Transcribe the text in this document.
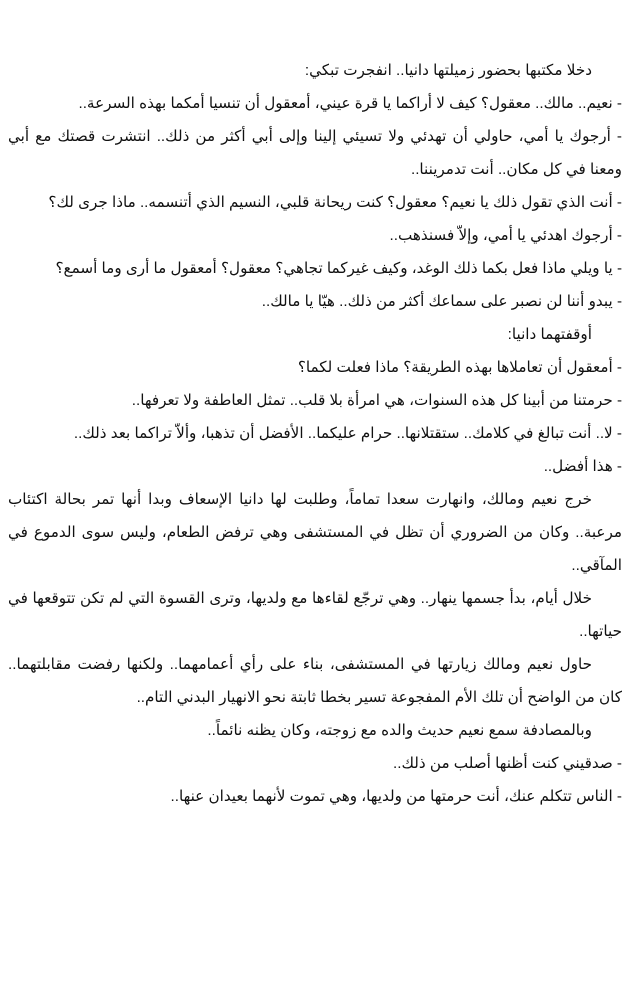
دخلا مكتبها بحضور زميلتها دانيا.. انفجرت تبكي:

- نعيم.. مالك.. معقول؟ كيف لا أراكما يا قرة عيني، أمعقول أن تنسيا أمكما بهذه السرعة..

- أرجوك يا أمي، حاولي أن تهدئي ولا تسيئي إلينا وإلى أبي أكثر من ذلك.. انتشرت قصتك مع أبي ومعنا في كل مكان.. أنت تدمريننا..

- أنت الذي تقول ذلك يا نعيم؟ معقول؟ كنت ريحانة قلبي، النسيم الذي أتنسمه.. ماذا جرى لك؟

- أرجوك اهدئي يا أمي، وإلاّ فسنذهب..

- يا ويلي ماذا فعل بكما ذلك الوغد، وكيف غيركما تجاهي؟ معقول؟ أمعقول ما أرى وما أسمع؟

- يبدو أننا لن نصبر على سماعك أكثر من ذلك.. هيّا يا مالك..

أوقفتهما دانيا:

- أمعقول أن تعاملاها بهذه الطريقة؟ ماذا فعلت لكما؟

- حرمتنا من أبينا كل هذه السنوات، هي امرأة بلا قلب.. تمثل العاطفة ولا تعرفها..

- لا.. أنت تبالغ في كلامك.. ستقتلانها.. حرام عليكما.. الأفضل أن تذهبا، وألاّ تراكما بعد ذلك..

- هذا أفضل..

خرج نعيم ومالك، وانهارت سعدا تماماً، وطلبت لها دانيا الإسعاف وبدا أنها تمر بحالة اكتئاب مرعبة.. وكان من الضروري أن تظل في المستشفى وهي ترفض الطعام، وليس سوى الدموع في المآقي..

خلال أيام، بدأ جسمها ينهار.. وهي ترجّع لقاءها مع ولديها، وترى القسوة التي لم تكن تتوقعها في حياتها..

حاول نعيم ومالك زيارتها في المستشفى، بناء على رأي أعمامهما.. ولكنها رفضت مقابلتهما.. كان من الواضح أن تلك الأم المفجوعة تسير بخطا ثابتة نحو الانهيار البدني التام..

وبالمصادفة سمع نعيم حديث والده مع زوجته، وكان يظنه نائماً..

- صدقيني كنت أظنها أصلب من ذلك..

- الناس تتكلم عنك، أنت حرمتها من ولديها، وهي تموت لأنهما بعيدان عنها..
